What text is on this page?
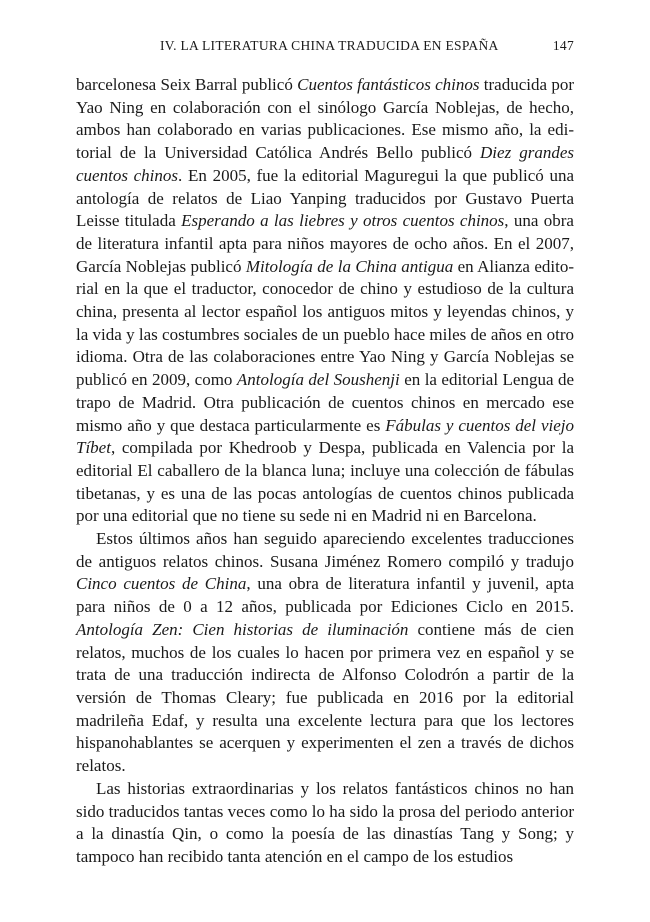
IV. LA LITERATURA CHINA TRADUCIDA EN ESPAÑA	147

barcelonesa Seix Barral publicó Cuentos fantásticos chinos traducida por Yao Ning en colaboración con el sinólogo García Noblejas, de hecho, ambos han colaborado en varias publicaciones. Ese mismo año, la editorial de la Universidad Católica Andrés Bello publicó Diez grandes cuentos chinos. En 2005, fue la editorial Maguregui la que publicó una antología de relatos de Liao Yanping traducidos por Gustavo Puerta Leisse titulada Esperando a las liebres y otros cuentos chinos, una obra de literatura infantil apta para niños mayores de ocho años. En el 2007, García Noblejas publicó Mitología de la China antigua en Alianza editorial en la que el traductor, conocedor de chino y estudioso de la cultura china, presenta al lector español los antiguos mitos y leyendas chinos, y la vida y las costumbres sociales de un pueblo hace miles de años en otro idioma. Otra de las colaboraciones entre Yao Ning y García Noblejas se publicó en 2009, como Antología del Soushenji en la editorial Lengua de trapo de Madrid. Otra publicación de cuentos chinos en mercado ese mismo año y que destaca particularmente es Fábulas y cuentos del viejo Tíbet, compilada por Khedroob y Despa, publicada en Valencia por la editorial El caballero de la blanca luna; incluye una colección de fábulas tibetanas, y es una de las pocas antologías de cuentos chinos publicada por una editorial que no tiene su sede ni en Madrid ni en Barcelona.

Estos últimos años han seguido apareciendo excelentes traducciones de antiguos relatos chinos. Susana Jiménez Romero compiló y tradujo Cinco cuentos de China, una obra de literatura infantil y juvenil, apta para niños de 0 a 12 años, publicada por Ediciones Ciclo en 2015. Antología Zen: Cien historias de iluminación contiene más de cien relatos, muchos de los cuales lo hacen por primera vez en español y se trata de una traducción indirecta de Alfonso Colodrón a partir de la versión de Thomas Cleary; fue publicada en 2016 por la editorial madrileña Edaf, y resulta una excelente lectura para que los lectores hispanohablantes se acerquen y experimenten el zen a través de dichos relatos.

Las historias extraordinarias y los relatos fantásticos chinos no han sido traducidos tantas veces como lo ha sido la prosa del periodo anterior a la dinastía Qin, o como la poesía de las dinastías Tang y Song; y tampoco han recibido tanta atención en el campo de los estudios
